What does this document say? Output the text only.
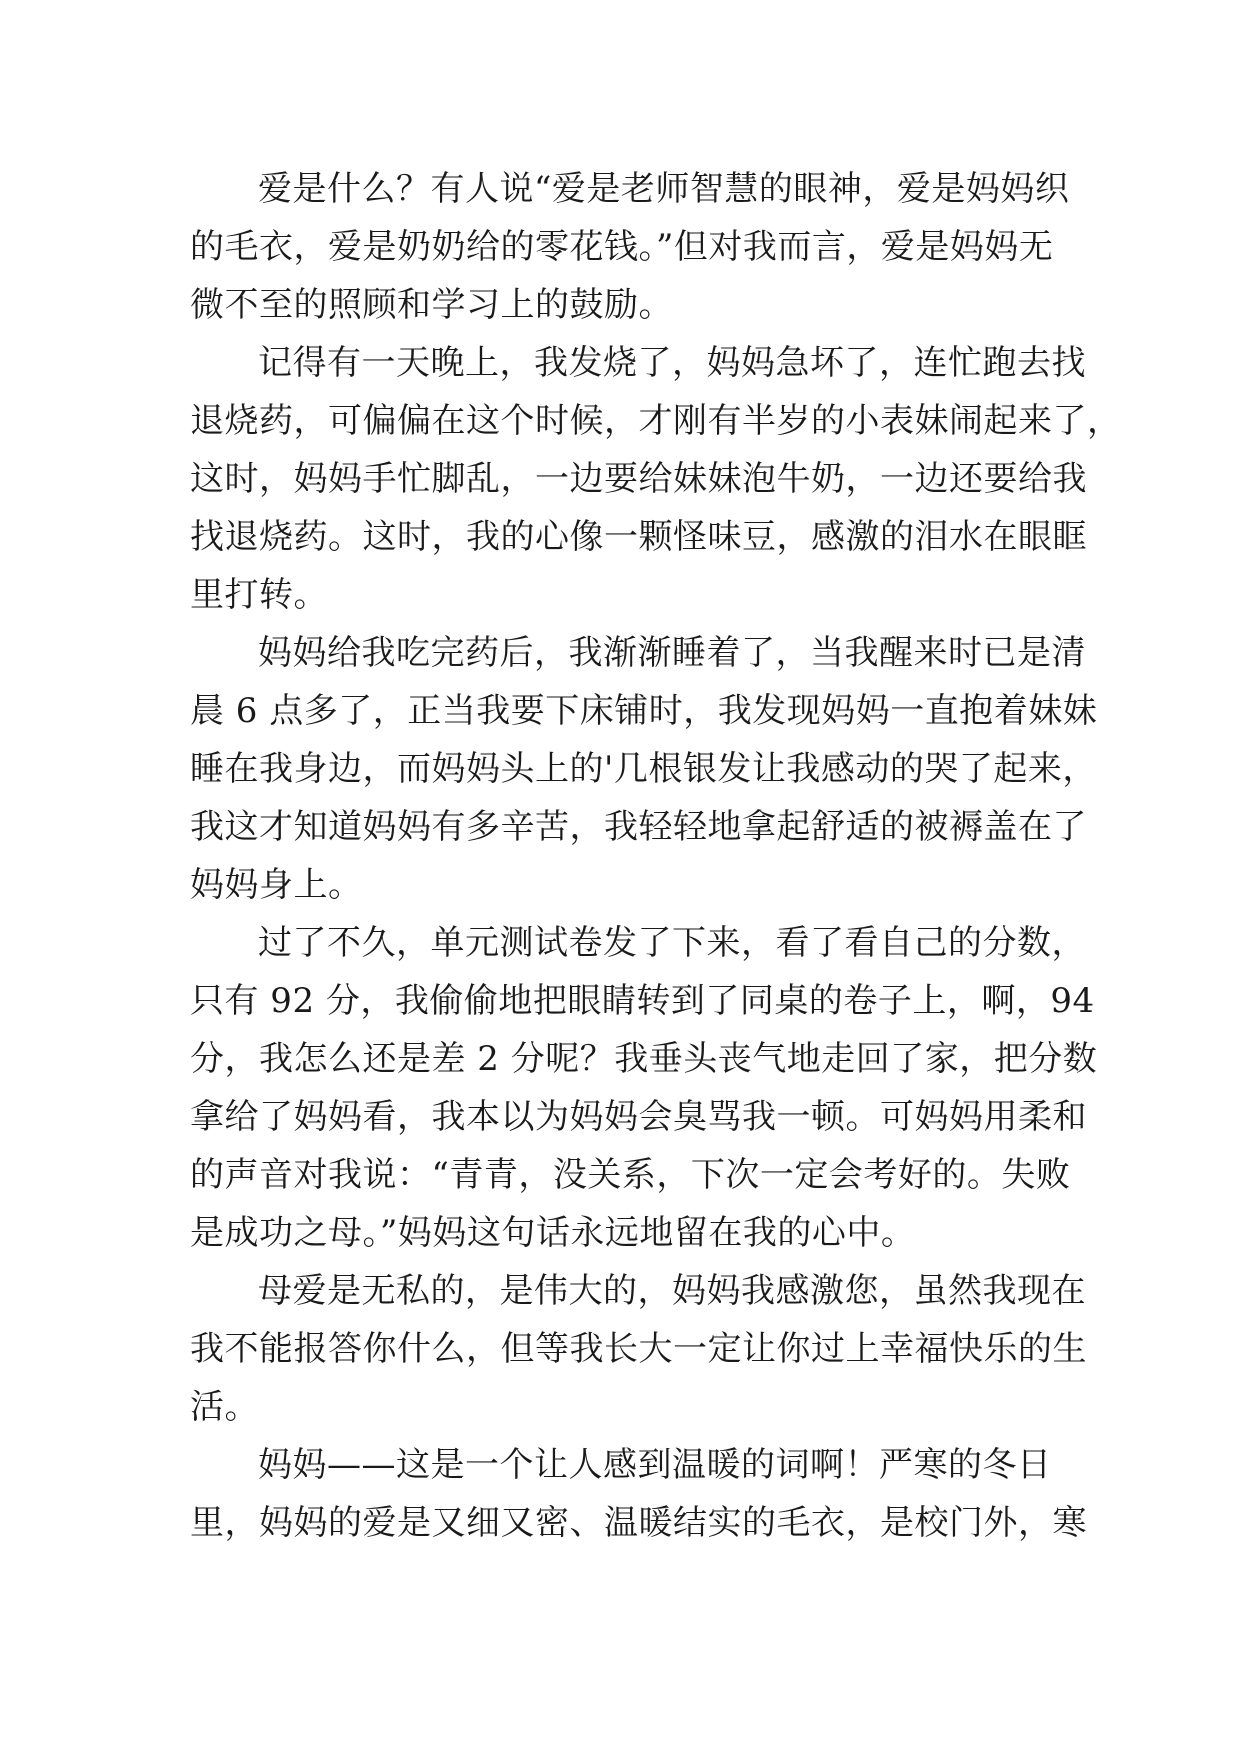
爱是什么？有人说“爱是老师智慧的眼神，爱是妈妈织
的毛衣，爱是奶奶给的零花钱。”但对我而言，爱是妈妈无
微不至的照顾和学习上的鼓励。
记得有一天晚上，我发烧了，妈妈急坏了，连忙跑去找
退烧药，可偏偏在这个时候，才刚有半岁的小表妹闹起来了，
这时，妈妈手忙脚乱，一边要给妹妹泡牛奶，一边还要给我
找退烧药。这时，我的心像一颗怪味豆，感激的泪水在眼眶
里打转。
妈妈给我吃完药后，我渐渐睡着了，当我醒来时已是清
晨 6 点多了，正当我要下床铺时，我发现妈妈一直抱着妹妹
睡在我身边，而妈妈头上的'几根银发让我感动的哭了起来，
我这才知道妈妈有多辛苦，我轻轻地拿起舒适的被褥盖在了
妈妈身上。
过了不久，单元测试卷发了下来，看了看自己的分数，
只有 92 分，我偷偷地把眼睛转到了同桌的卷子上，啊，94
分，我怎么还是差 2 分呢？我垂头丧气地走回了家，把分数
拿给了妈妈看，我本以为妈妈会臭骂我一顿。可妈妈用柔和
的声音对我说：“青青，没关系，下次一定会考好的。失败
是成功之母。”妈妈这句话永远地留在我的心中。
母爱是无私的，是伟大的，妈妈我感激您，虽然我现在
我不能报答你什么，但等我长大一定让你过上幸福快乐的生
活。
妈妈——这是一个让人感到温暖的词啊！严寒的冬日
里，妈妈的爱是又细又密、温暖结实的毛衣，是校门外，寒
